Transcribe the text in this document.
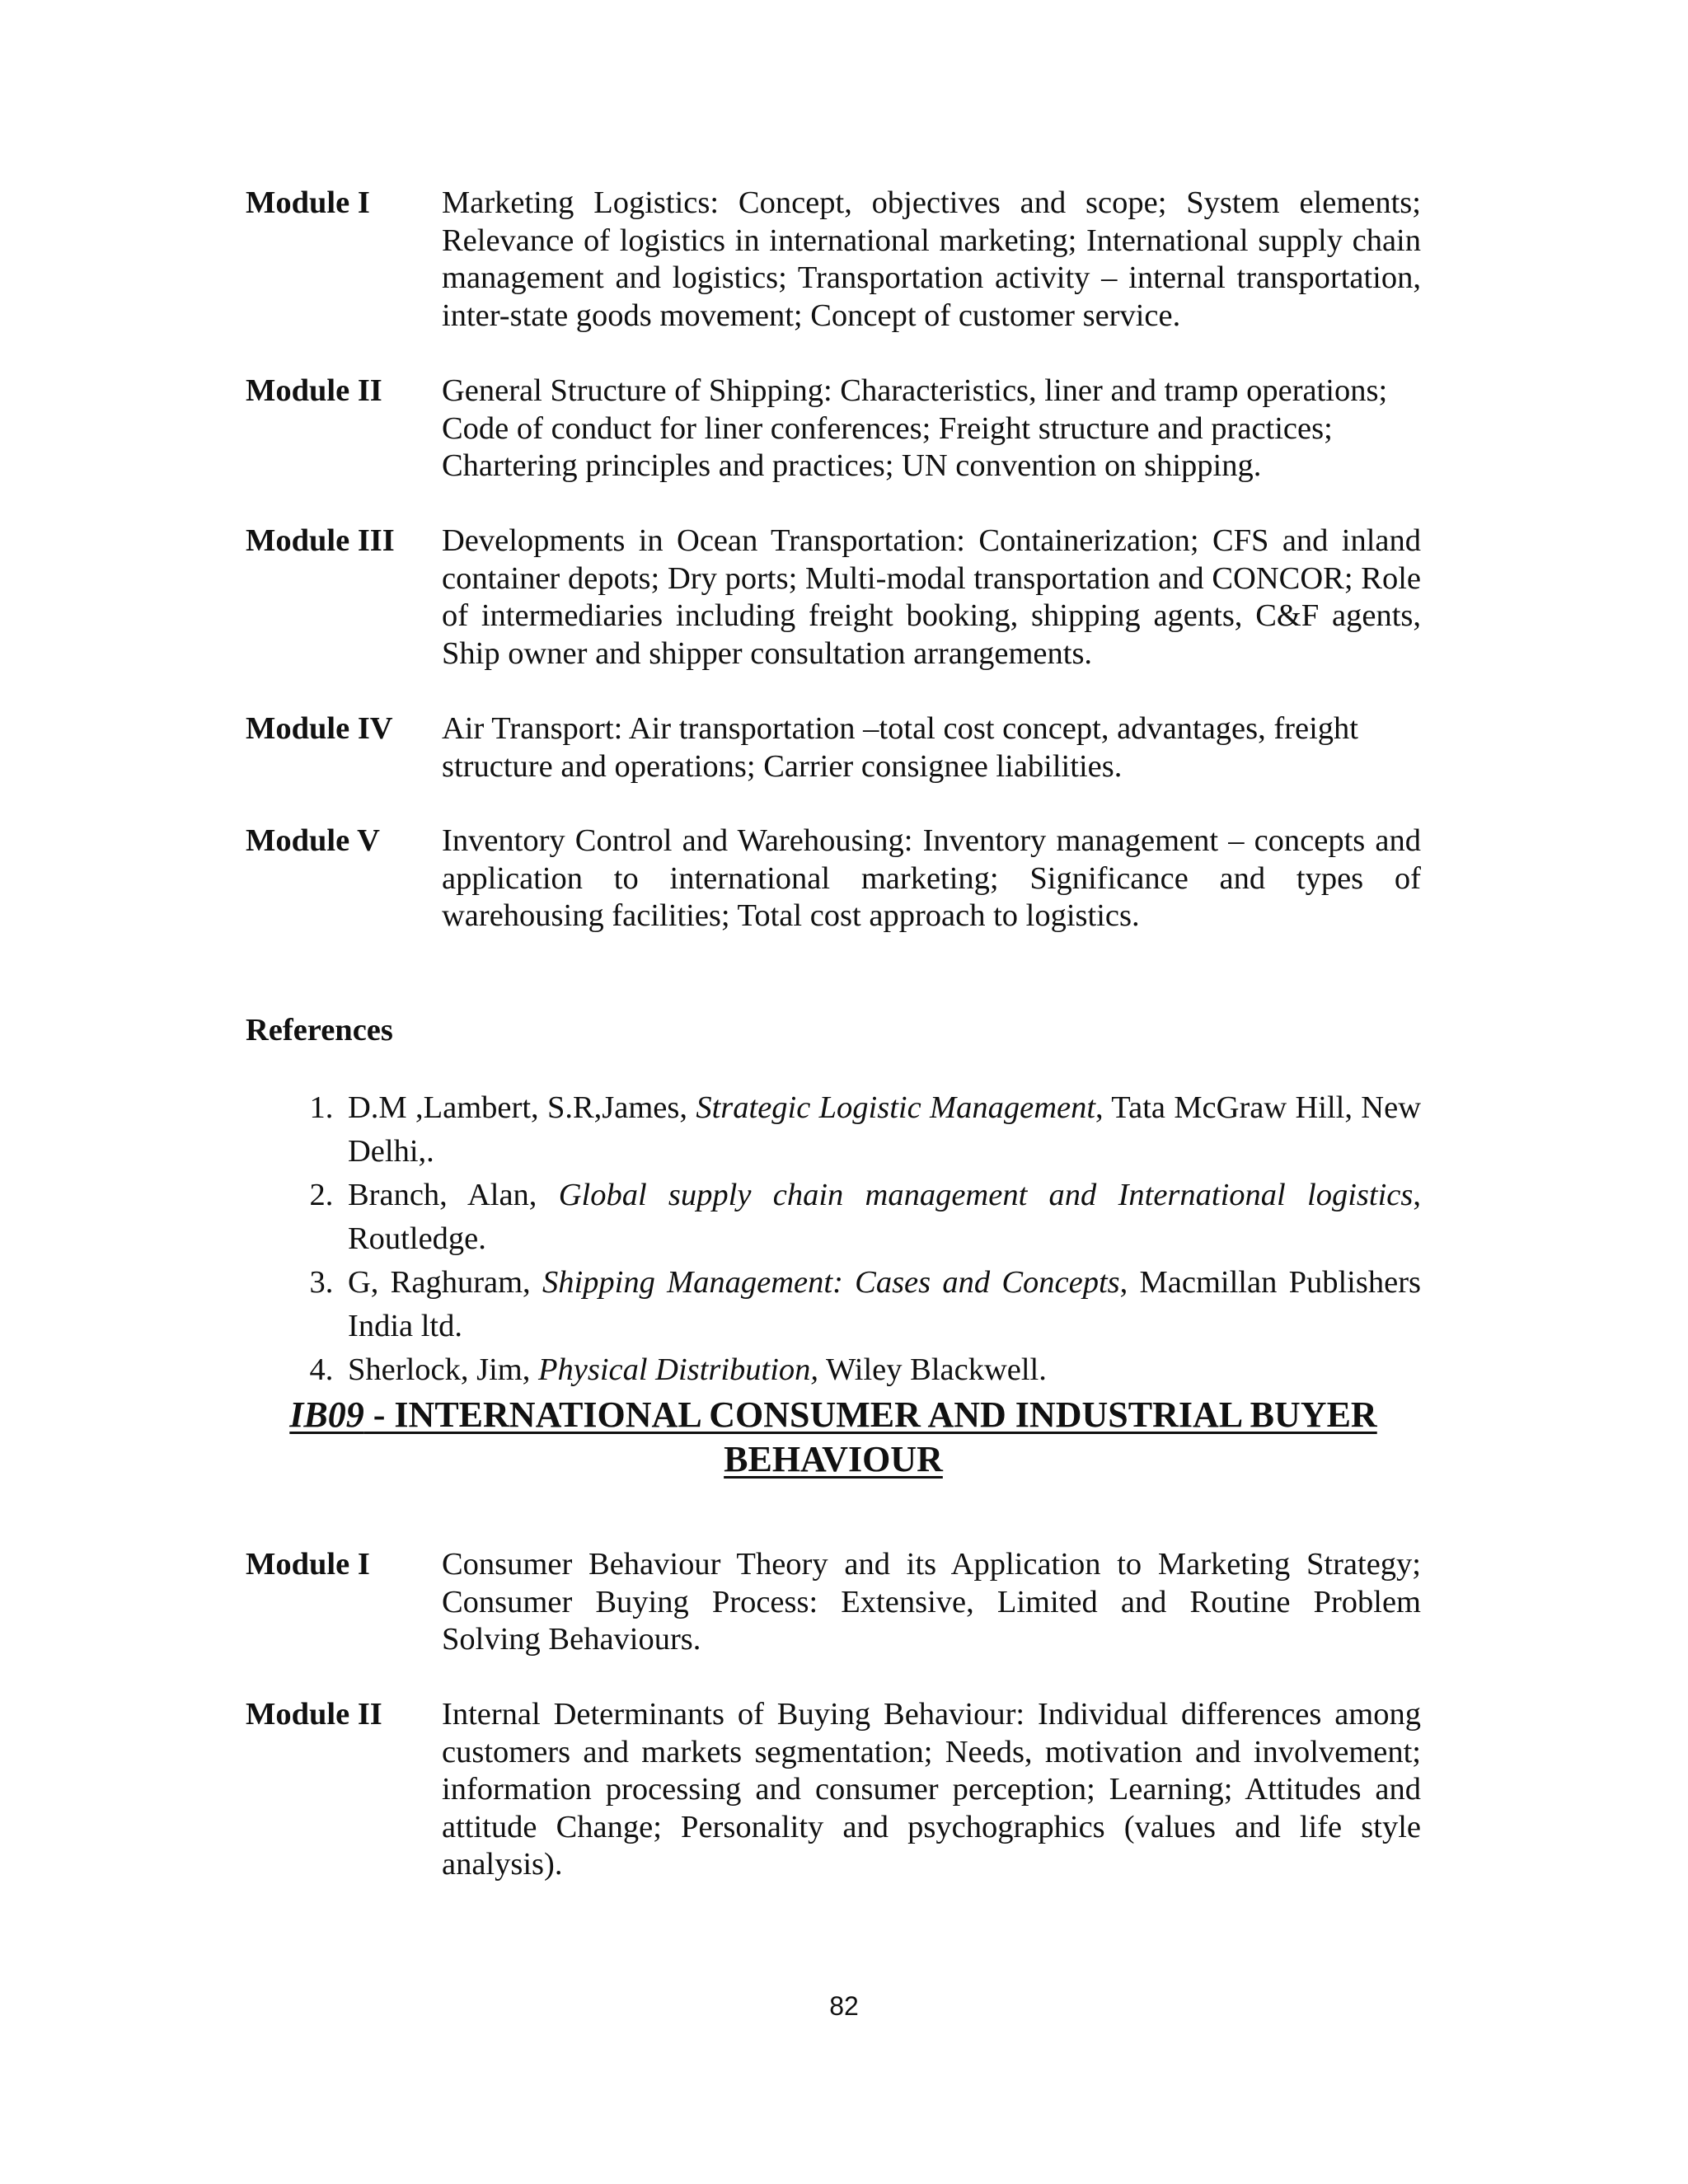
Module I Marketing Logistics: Concept, objectives and scope; System elements; Relevance of logistics in international marketing; International supply chain management and logistics; Transportation activity – internal transportation, inter-state goods movement; Concept of customer service.
Module II General Structure of Shipping: Characteristics, liner and tramp operations; Code of conduct for liner conferences; Freight structure and practices; Chartering principles and practices; UN convention on shipping.
Module III Developments in Ocean Transportation: Containerization; CFS and inland container depots; Dry ports; Multi-modal transportation and CONCOR; Role of intermediaries including freight booking, shipping agents, C&F agents, Ship owner and shipper consultation arrangements.
Module IV Air Transport: Air transportation –total cost concept, advantages, freight structure and operations; Carrier consignee liabilities.
Module V Inventory Control and Warehousing: Inventory management – concepts and application to international marketing; Significance and types of warehousing facilities; Total cost approach to logistics.
References
1. D.M ,Lambert, S.R,James, Strategic Logistic Management, Tata McGraw Hill, New Delhi,.
2. Branch, Alan, Global supply chain management and International logistics, Routledge.
3. G, Raghuram, Shipping Management: Cases and Concepts, Macmillan Publishers India ltd.
4. Sherlock, Jim, Physical Distribution, Wiley Blackwell.
IB09 - INTERNATIONAL CONSUMER AND INDUSTRIAL BUYER BEHAVIOUR
Module I Consumer Behaviour Theory and its Application to Marketing Strategy; Consumer Buying Process: Extensive, Limited and Routine Problem Solving Behaviours.
Module II Internal Determinants of Buying Behaviour: Individual differences among customers and markets segmentation; Needs, motivation and involvement; information processing and consumer perception; Learning; Attitudes and attitude Change; Personality and psychographics (values and life style analysis).
82
